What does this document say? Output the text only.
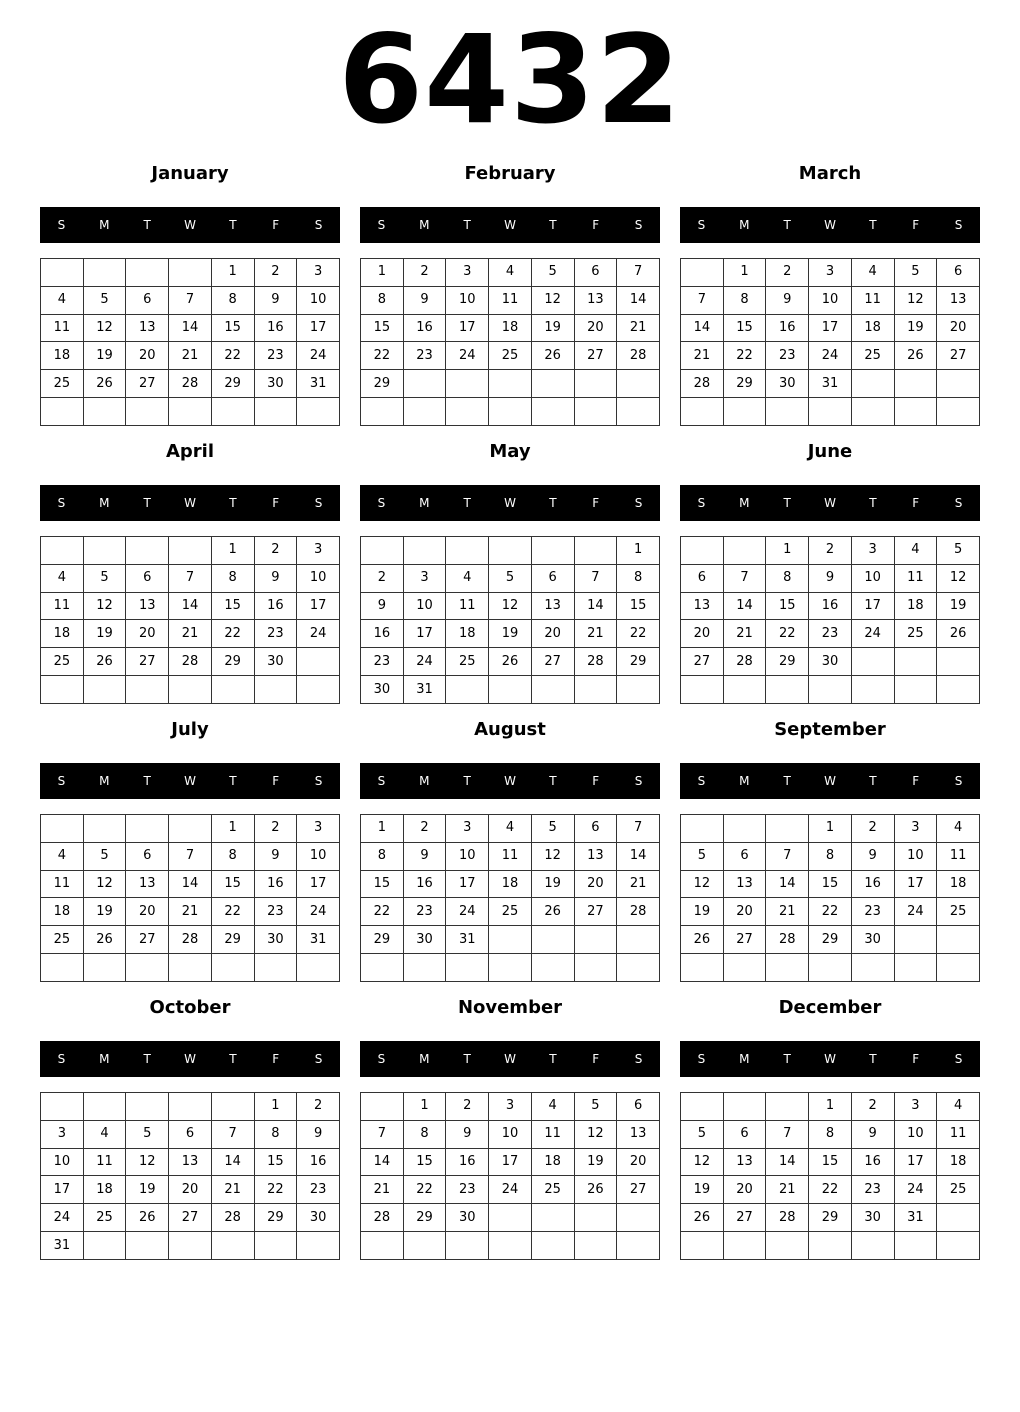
6432
January
S	M	T	W	T	F	S
				1	2	3
4	5	6	7	8	9	10
11	12	13	14	15	16	17
18	19	20	21	22	23	24
25	26	27	28	29	30	31

February
S	M	T	W	T	F	S
1	2	3	4	5	6	7
8	9	10	11	12	13	14
15	16	17	18	19	20	21
22	23	24	25	26	27	28
29						

March
S	M	T	W	T	F	S
	1	2	3	4	5	6
7	8	9	10	11	12	13
14	15	16	17	18	19	20
21	22	23	24	25	26	27
28	29	30	31			

April
S	M	T	W	T	F	S
				1	2	3
4	5	6	7	8	9	10
11	12	13	14	15	16	17
18	19	20	21	22	23	24
25	26	27	28	29	30	

May
S	M	T	W	T	F	S
						1
2	3	4	5	6	7	8
9	10	11	12	13	14	15
16	17	18	19	20	21	22
23	24	25	26	27	28	29
30	31					
June
S	M	T	W	T	F	S
		1	2	3	4	5
6	7	8	9	10	11	12
13	14	15	16	17	18	19
20	21	22	23	24	25	26
27	28	29	30			

July
S	M	T	W	T	F	S
				1	2	3
4	5	6	7	8	9	10
11	12	13	14	15	16	17
18	19	20	21	22	23	24
25	26	27	28	29	30	31

August
S	M	T	W	T	F	S
1	2	3	4	5	6	7
8	9	10	11	12	13	14
15	16	17	18	19	20	21
22	23	24	25	26	27	28
29	30	31				

September
S	M	T	W	T	F	S
			1	2	3	4
5	6	7	8	9	10	11
12	13	14	15	16	17	18
19	20	21	22	23	24	25
26	27	28	29	30		

October
S	M	T	W	T	F	S
					1	2
3	4	5	6	7	8	9
10	11	12	13	14	15	16
17	18	19	20	21	22	23
24	25	26	27	28	29	30
31						
November
S	M	T	W	T	F	S
	1	2	3	4	5	6
7	8	9	10	11	12	13
14	15	16	17	18	19	20
21	22	23	24	25	26	27
28	29	30				

December
S	M	T	W	T	F	S
			1	2	3	4
5	6	7	8	9	10	11
12	13	14	15	16	17	18
19	20	21	22	23	24	25
26	27	28	29	30	31	
